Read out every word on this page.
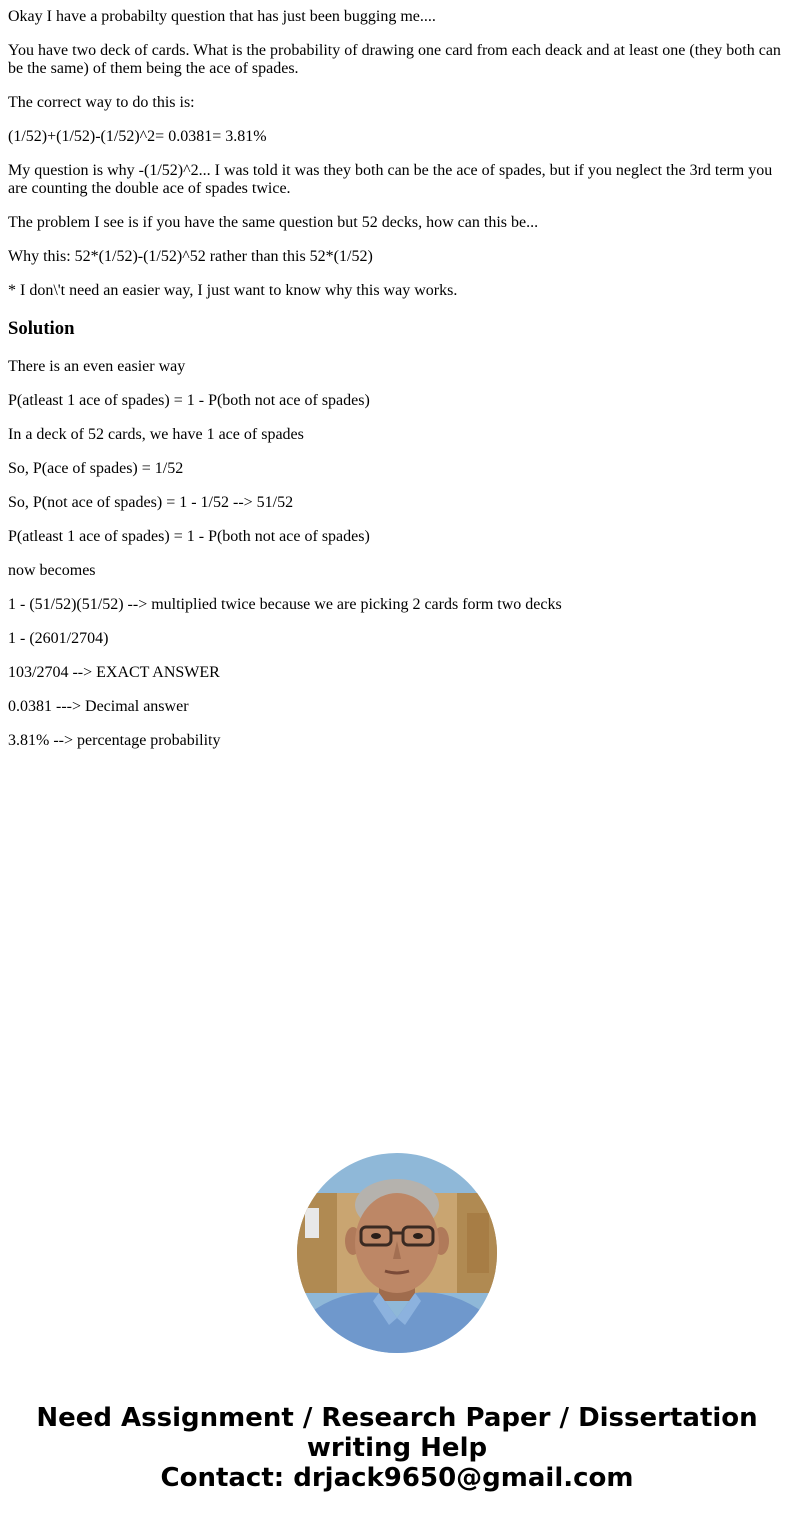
Okay I have a probabilty question that has just been bugging me....

You have two deck of cards. What is the probability of drawing one card from each deack and at least one (they both can be the same) of them being the ace of spades.

The correct way to do this is:

(1/52)+(1/52)-(1/52)^2= 0.0381= 3.81%

My question is why -(1/52)^2... I was told it was they both can be the ace of spades, but if you neglect the 3rd term you are counting the double ace of spades twice.

The problem I see is if you have the same question but 52 decks, how can this be...

Why this: 52*(1/52)-(1/52)^52 rather than this 52*(1/52)

* I don\'t need an easier way, I just want to know why this way works.

Solution

There is an even easier way

P(atleast 1 ace of spades) = 1 - P(both not ace of spades)

In a deck of 52 cards, we have 1 ace of spades

So, P(ace of spades) = 1/52

So, P(not ace of spades) = 1 - 1/52 --> 51/52

P(atleast 1 ace of spades) = 1 - P(both not ace of spades)

now becomes

1 - (51/52)(51/52) --> multiplied twice because we are picking 2 cards form two decks

1 - (2601/2704)

103/2704 --> EXACT ANSWER

0.0381 ---> Decimal answer

3.81% --> percentage probability

Need Assignment / Research Paper / Dissertation
writing Help
Contact: drjack9650@gmail.com
